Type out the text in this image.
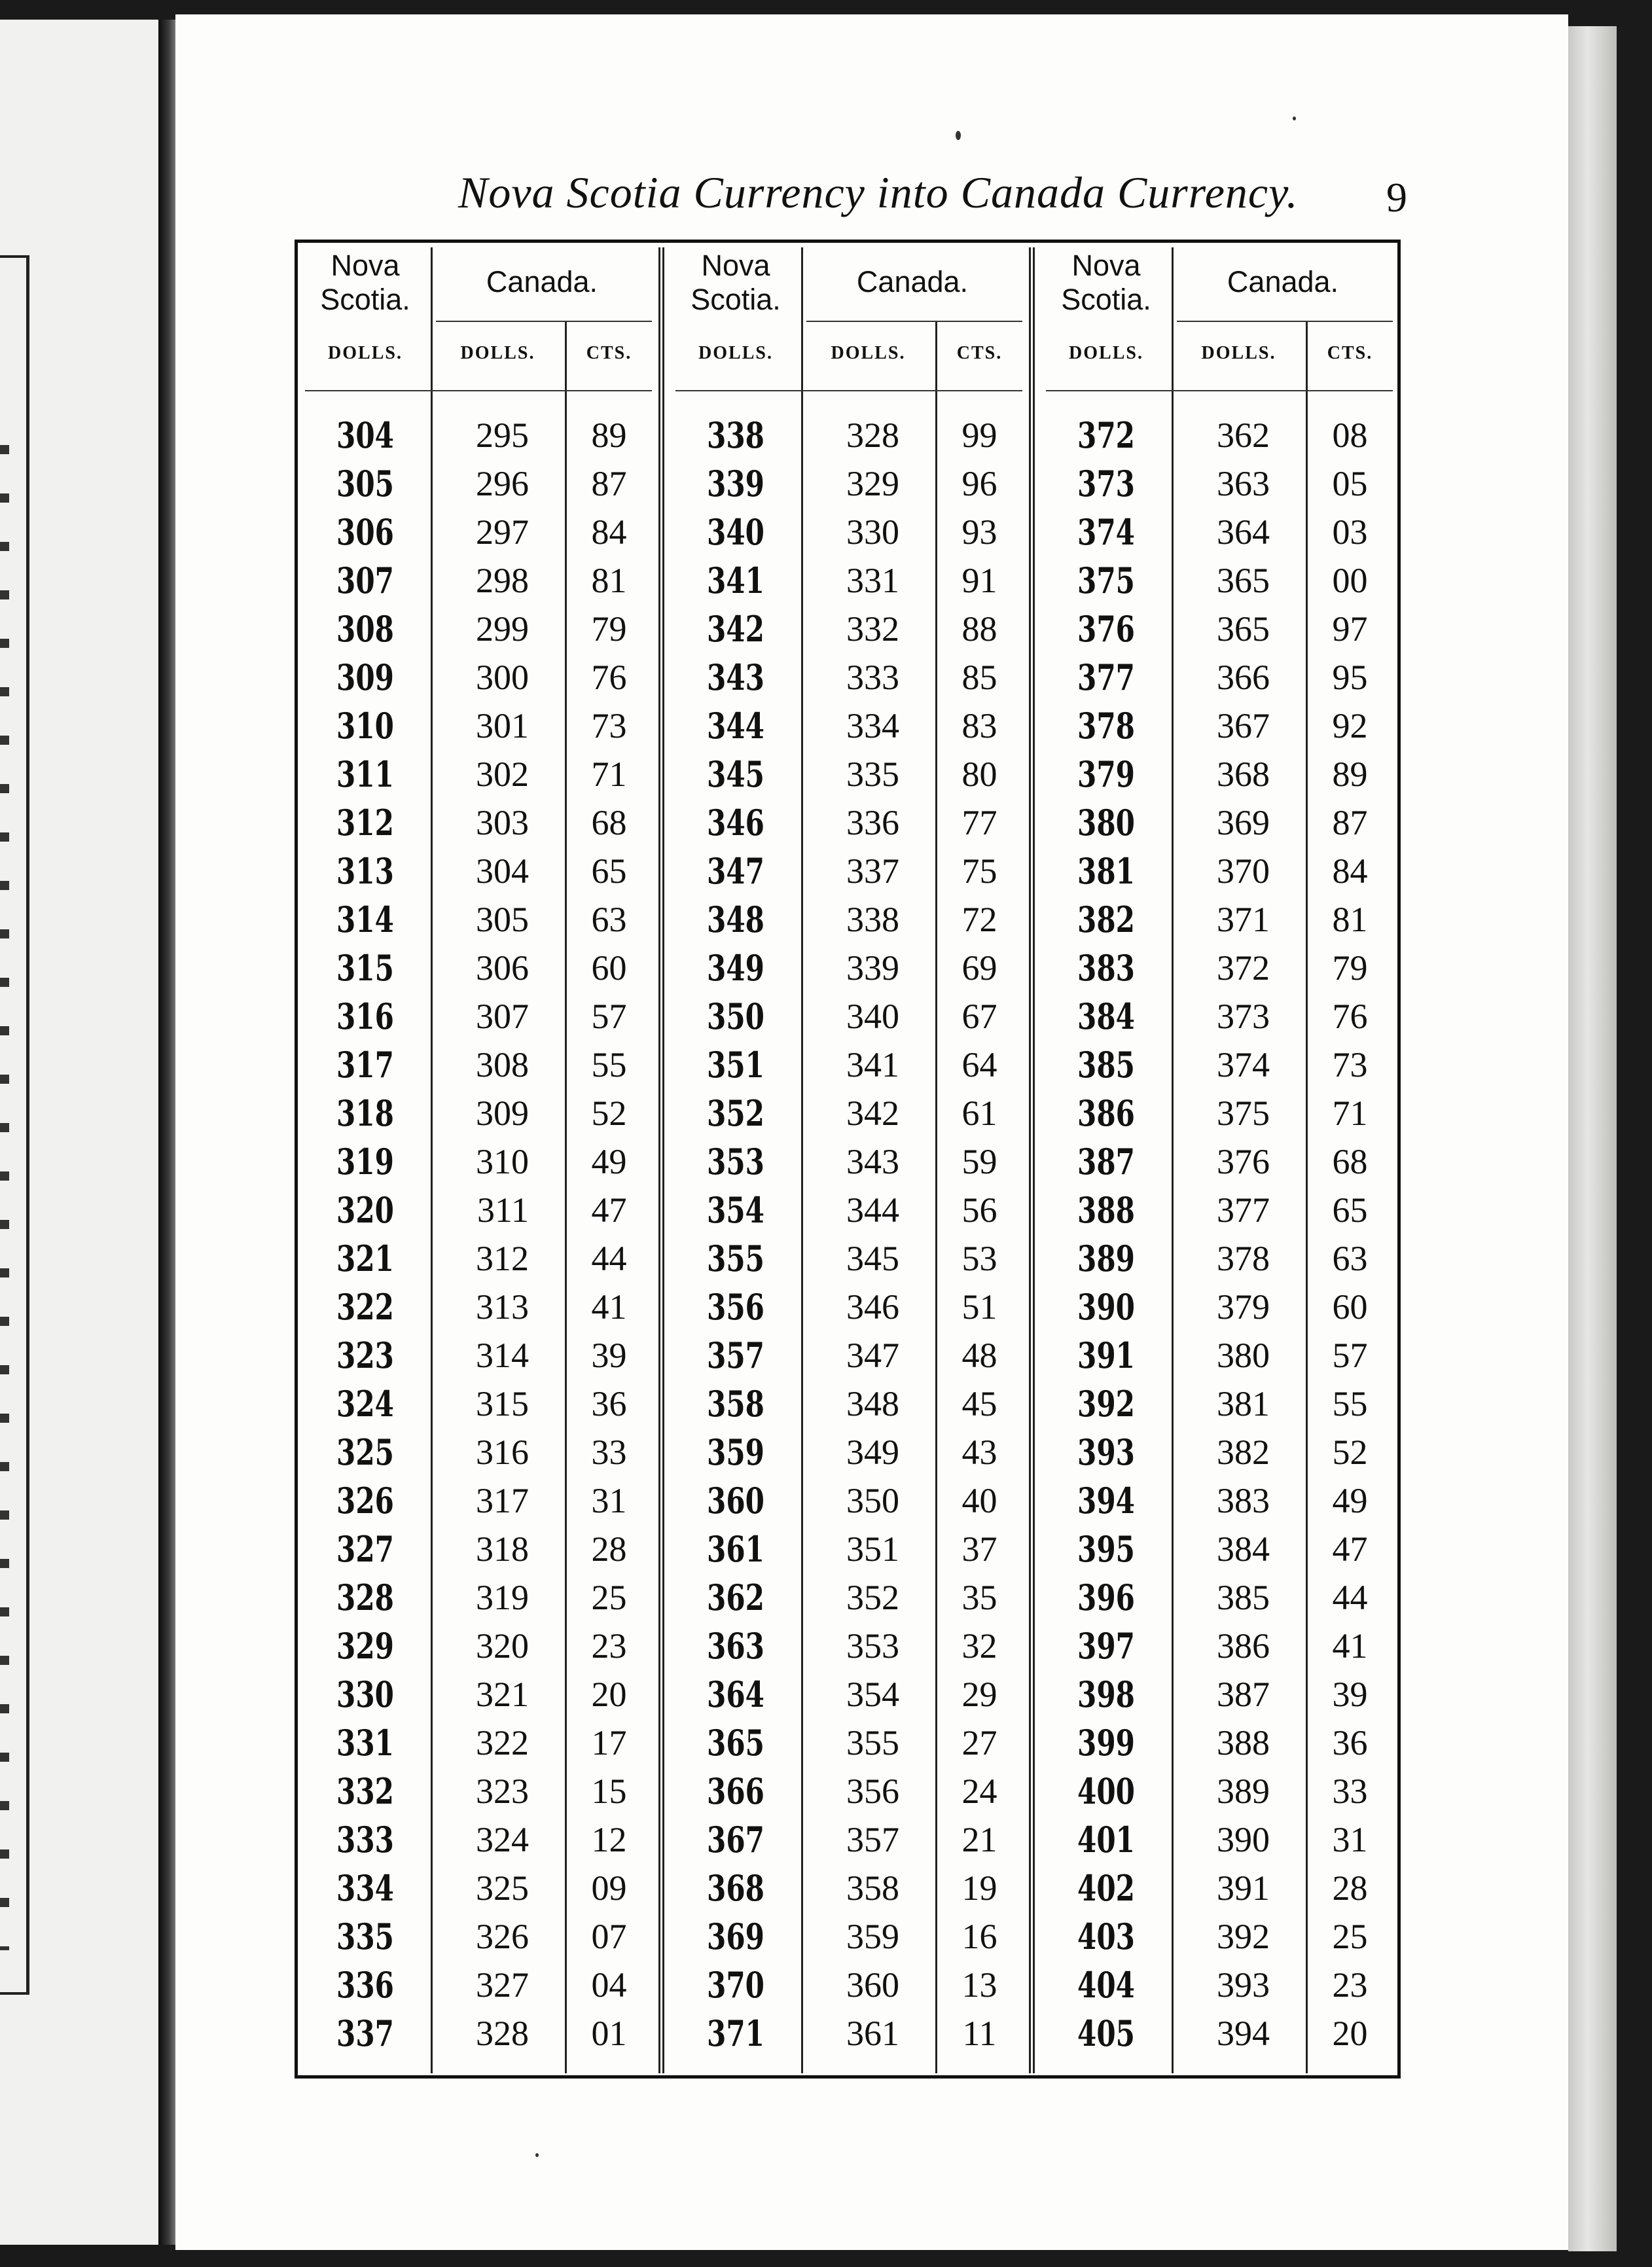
Nova Scotia Currency into Canada Currency. 9
Nova
Scotia.
Canada.
DOLLS.	DOLLS.	CTS.
304	295	89
305	296	87
306	297	84
307	298	81
308	299	79
309	300	76
310	301	73
311	302	71
312	303	68
313	304	65
314	305	63
315	306	60
316	307	57
317	308	55
318	309	52
319	310	49
320	311	47
321	312	44
322	313	41
323	314	39
324	315	36
325	316	33
326	317	31
327	318	28
328	319	25
329	320	23
330	321	20
331	322	17
332	323	15
333	324	12
334	325	09
335	326	07
336	327	04
337	328	01
Nova
Scotia.
Canada.
DOLLS.	DOLLS.	CTS.
338	328	99
339	329	96
340	330	93
341	331	91
342	332	88
343	333	85
344	334	83
345	335	80
346	336	77
347	337	75
348	338	72
349	339	69
350	340	67
351	341	64
352	342	61
353	343	59
354	344	56
355	345	53
356	346	51
357	347	48
358	348	45
359	349	43
360	350	40
361	351	37
362	352	35
363	353	32
364	354	29
365	355	27
366	356	24
367	357	21
368	358	19
369	359	16
370	360	13
371	361	11
Nova
Scotia.
Canada.
DOLLS.	DOLLS.	CTS.
372	362	08
373	363	05
374	364	03
375	365	00
376	365	97
377	366	95
378	367	92
379	368	89
380	369	87
381	370	84
382	371	81
383	372	79
384	373	76
385	374	73
386	375	71
387	376	68
388	377	65
389	378	63
390	379	60
391	380	57
392	381	55
393	382	52
394	383	49
395	384	47
396	385	44
397	386	41
398	387	39
399	388	36
400	389	33
401	390	31
402	391	28
403	392	25
404	393	23
405	394	20
